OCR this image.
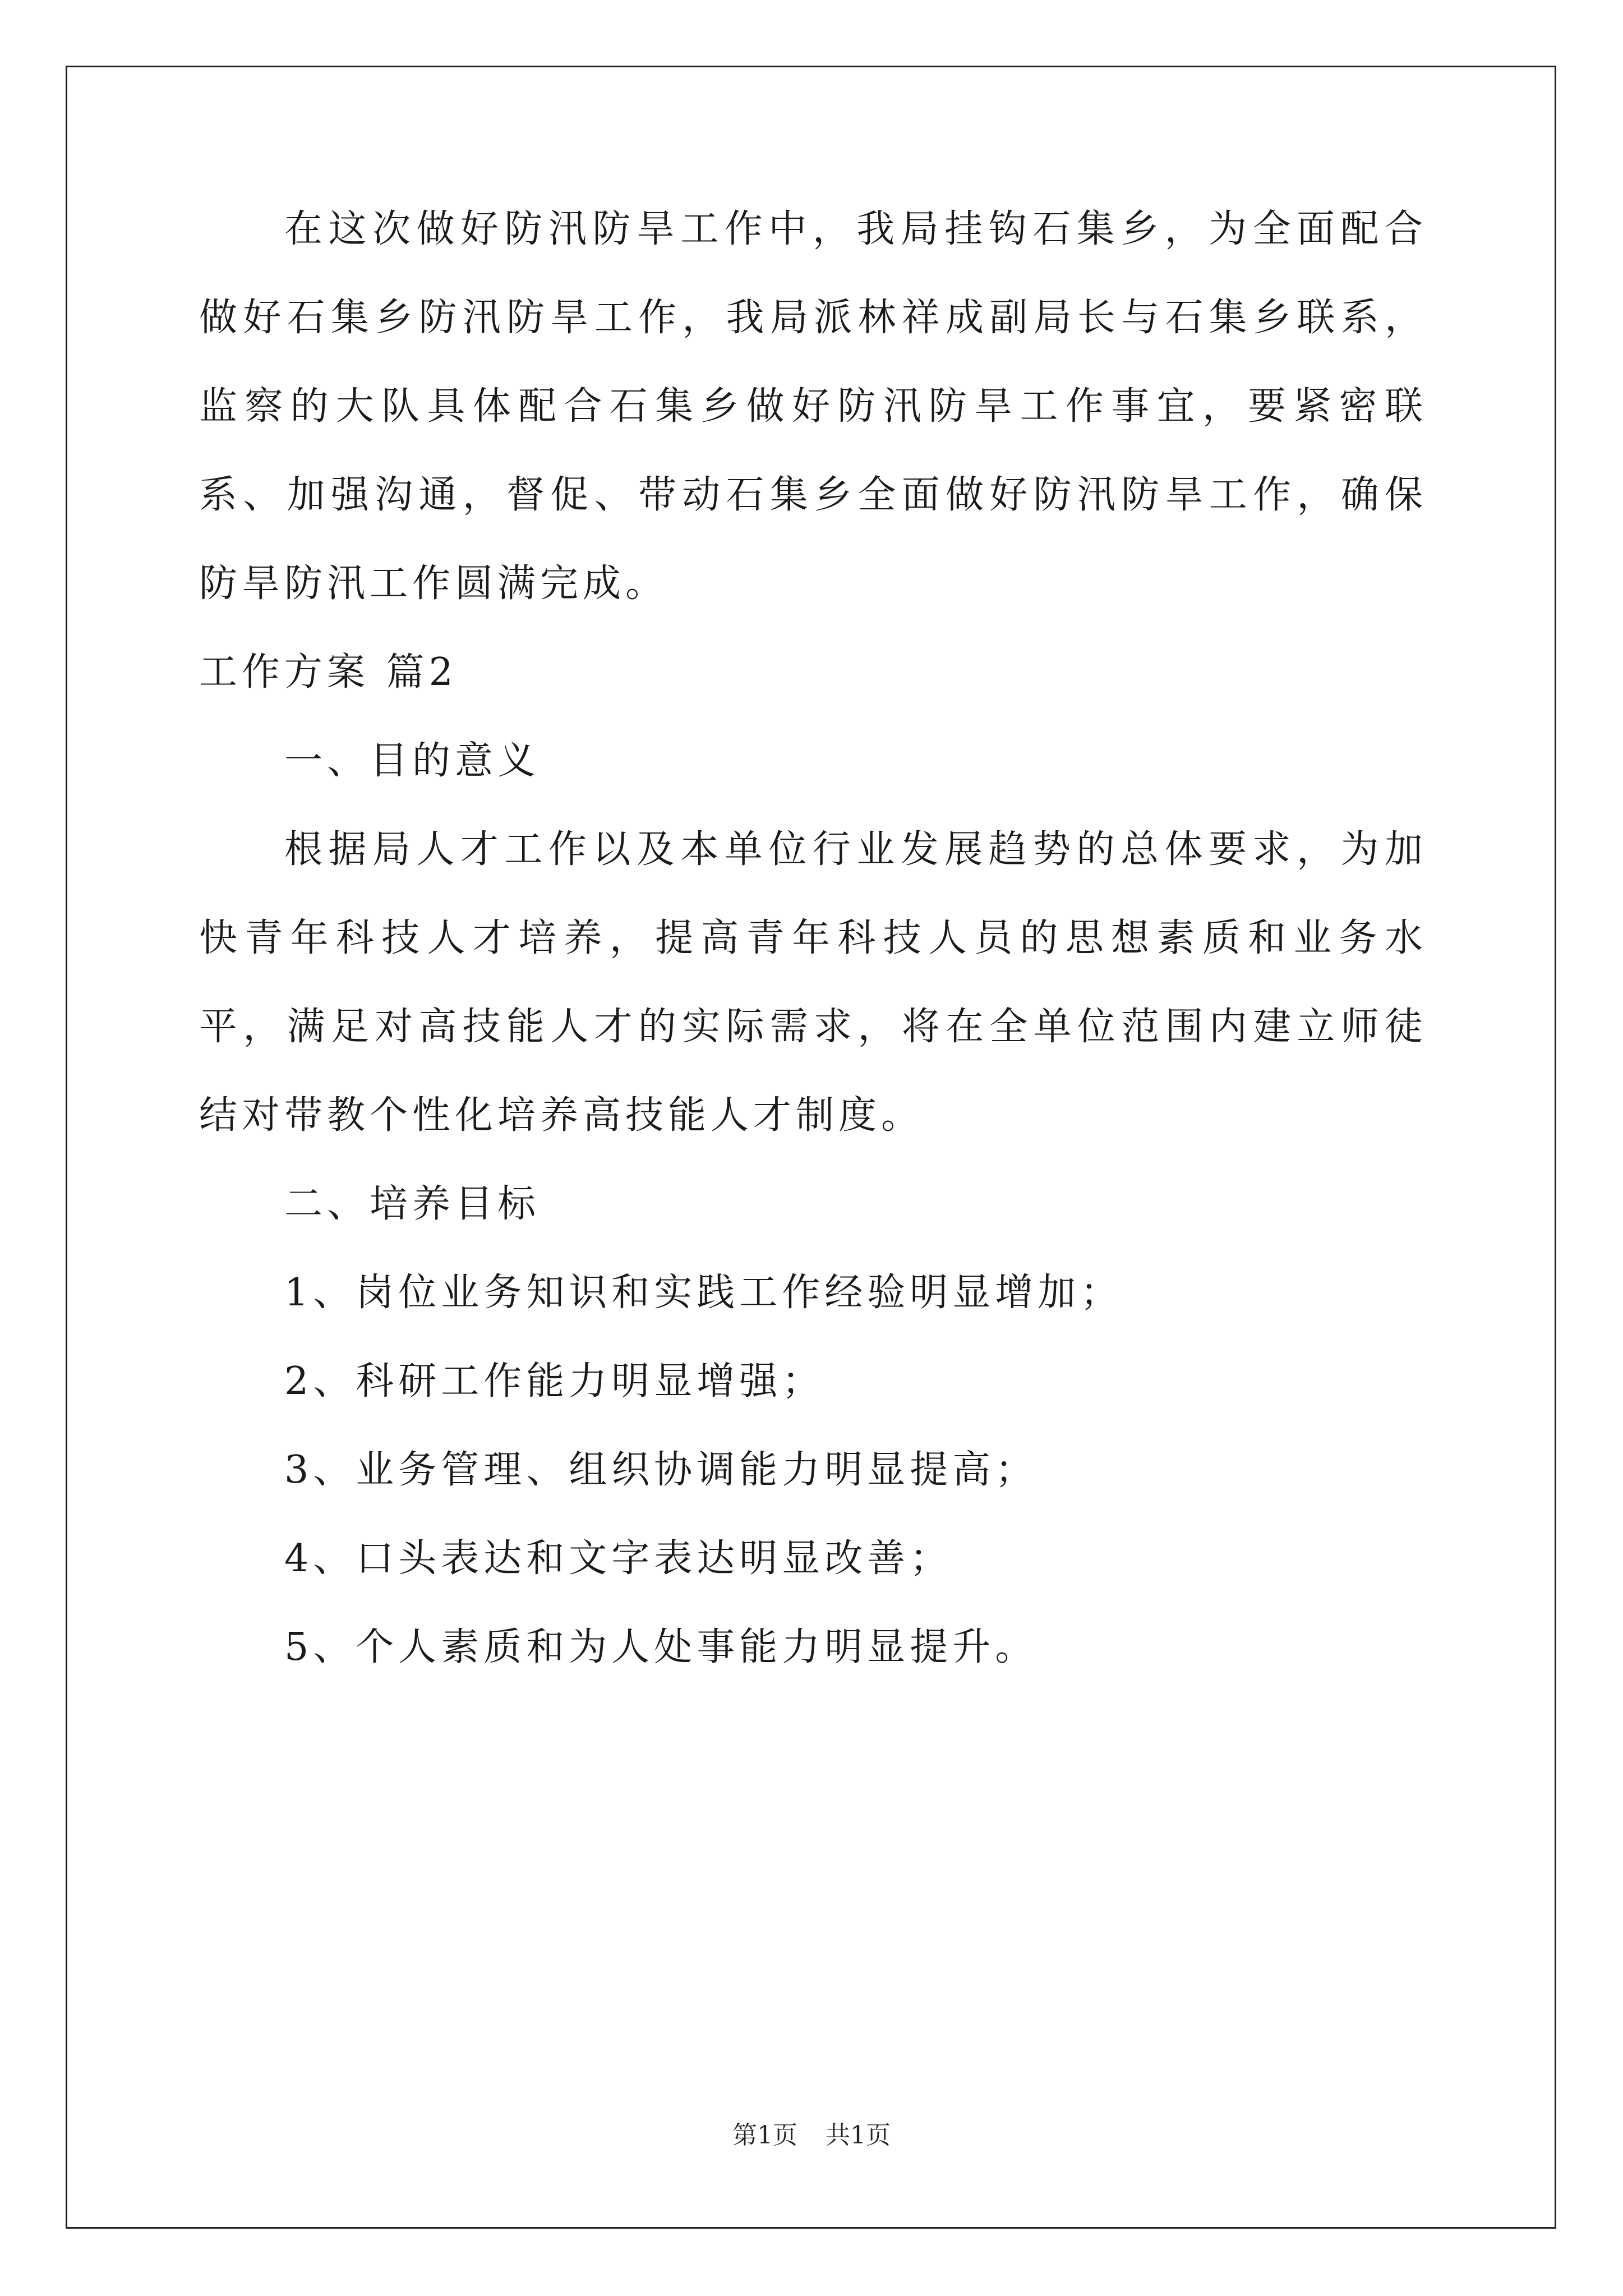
在这次做好防汛防旱工作中，我局挂钩石集乡，为全面配合做好石集乡防汛防旱工作，我局派林祥成副局长与石集乡联系，监察的大队具体配合石集乡做好防汛防旱工作事宜，要紧密联系、加强沟通，督促、带动石集乡全面做好防汛防旱工作，确保防旱防汛工作圆满完成。

工作方案 篇2

一、目的意义

根据局人才工作以及本单位行业发展趋势的总体要求，为加快青年科技人才培养，提高青年科技人员的思想素质和业务水平，满足对高技能人才的实际需求，将在全单位范围内建立师徒结对带教个性化培养高技能人才制度。

二、培养目标

1、岗位业务知识和实践工作经验明显增加；

2、科研工作能力明显增强；

3、业务管理、组织协调能力明显提高；

4、口头表达和文字表达明显改善；

5、个人素质和为人处事能力明显提升。

第1页 共1页
